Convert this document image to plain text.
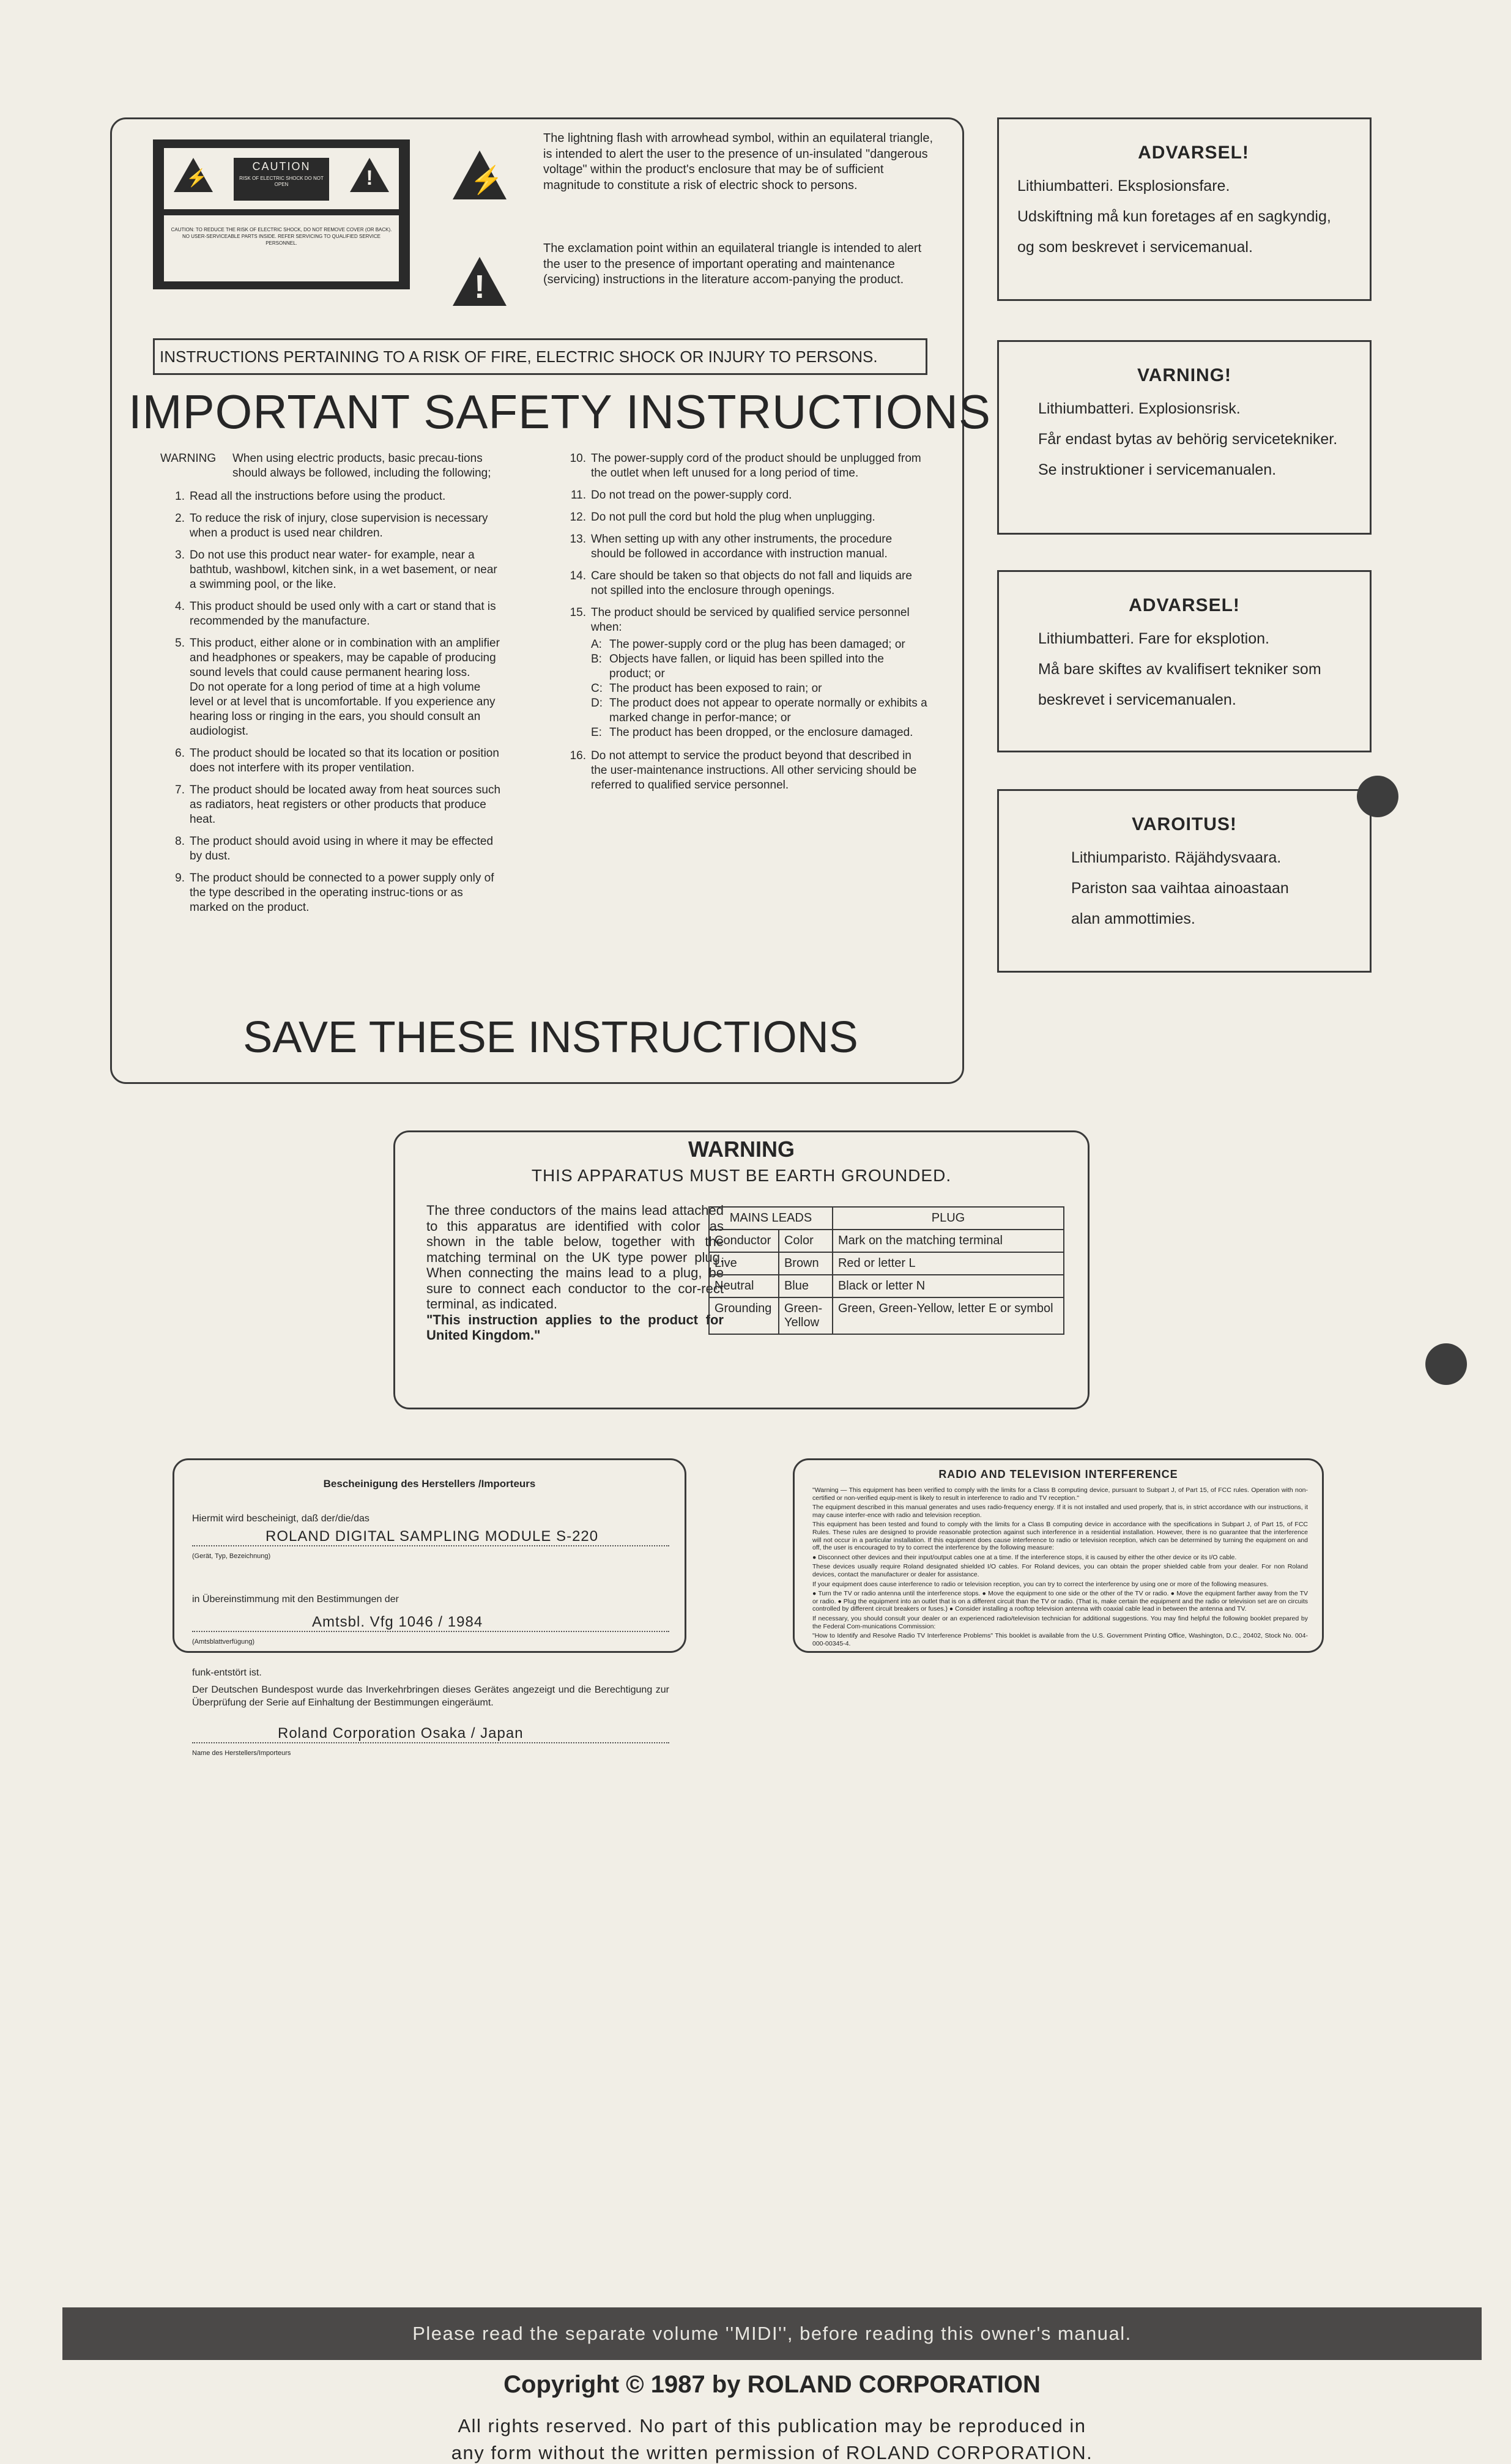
⚡
CAUTION
RISK OF ELECTRIC SHOCK DO NOT OPEN	!
CAUTION: TO REDUCE THE RISK OF ELECTRIC SHOCK, DO NOT REMOVE COVER (OR BACK). NO USER-SERVICEABLE PARTS INSIDE. REFER SERVICING TO QUALIFIED SERVICE PERSONNEL.
⚡
!
The lightning flash with arrowhead symbol, within an equilateral triangle, is intended to alert the user to the presence of un-insulated "dangerous voltage" within the product's enclosure that may be of sufficient magnitude to constitute a risk of electric shock to persons.
The exclamation point within an equilateral triangle is intended to alert the user to the presence of important operating and maintenance (servicing) instructions in the literature accom-panying the product.
INSTRUCTIONS PERTAINING TO A RISK OF FIRE, ELECTRIC SHOCK OR INJURY TO PERSONS.
IMPORTANT SAFETY INSTRUCTIONS
WARNING When using electric products, basic precau-tions should always be followed, including the following;
1. Read all the instructions before using the product.
2. To reduce the risk of injury, close supervision is necessary when a product is used near children.
3. Do not use this product near water- for example, near a bathtub, washbowl, kitchen sink, in a wet basement, or near a swimming pool, or the like.
4. This product should be used only with a cart or stand that is recommended by the manufacture.
5. This product, either alone or in combination with an amplifier and headphones or speakers, may be capable of producing sound levels that could cause permanent hearing loss.
Do not operate for a long period of time at a high volume level or at level that is uncomfortable. If you experience any hearing loss or ringing in the ears, you should consult an audiologist.
6. The product should be located so that its location or position does not interfere with its proper ventilation.
7. The product should be located away from heat sources such as radiators, heat registers or other products that produce heat.
8. The product should avoid using in where it may be effected by dust.
9. The product should be connected to a power supply only of the type described in the operating instruc-tions or as marked on the product.
10. The power-supply cord of the product should be unplugged from the outlet when left unused for a long period of time.
11. Do not tread on the power-supply cord.
12. Do not pull the cord but hold the plug when unplugging.
13. When setting up with any other instruments, the procedure should be followed in accordance with instruction manual.
14. Care should be taken so that objects do not fall and liquids are not spilled into the enclosure through openings.
15. The product should be serviced by qualified service personnel when:
A: The power-supply cord or the plug has been damaged; or
B: Objects have fallen, or liquid has been spilled into the product; or
C: The product has been exposed to rain; or
D: The product does not appear to operate normally or exhibits a marked change in perfor-mance; or
E: The product has been dropped, or the enclosure damaged.
16. Do not attempt to service the product beyond that described in the user-maintenance instructions. All other servicing should be referred to qualified service personnel.
SAVE THESE INSTRUCTIONS
ADVARSEL!
Lithiumbatteri. Eksplosionsfare.
Udskiftning må kun foretages af en sagkyndig,
og som beskrevet i servicemanual.
VARNING!
Lithiumbatteri. Explosionsrisk.
Får endast bytas av behörig servicetekniker.
Se instruktioner i servicemanualen.
ADVARSEL!
Lithiumbatteri. Fare for eksplotion.
Må bare skiftes av kvalifisert tekniker som
beskrevet i servicemanualen.
VAROITUS!
Lithiumparisto. Räjähdysvaara.
Pariston saa vaihtaa ainoastaan
alan ammottimies.
WARNING
THIS APPARATUS MUST BE EARTH GROUNDED.
The three conductors of the mains lead attached to this apparatus are identified with color as shown in the table below, together with the matching terminal on the UK type power plug. When connecting the mains lead to a plug, be sure to connect each conductor to the cor-rect terminal, as indicated.
"This instruction applies to the product for United Kingdom."
MAINS LEADS		PLUG
Conductor	Color	Mark on the matching terminal
Live	Brown	Red or letter L
Neutral	Blue	Black or letter N
Grounding	Green-Yellow	Green, Green-Yellow, letter E or symbol
Bescheinigung des Herstellers /Importeurs
Hiermit wird bescheinigt, daß der/die/das
ROLAND DIGITAL SAMPLING MODULE S-220
(Gerät, Typ, Bezeichnung)
in Übereinstimmung mit den Bestimmungen der
Amtsbl. Vfg 1046 / 1984
(Amtsblattverfügung)
funk-entstört ist.
Der Deutschen Bundespost wurde das Inverkehrbringen dieses Gerätes angezeigt und die Berechtigung zur Überprüfung der Serie auf Einhaltung der Bestimmungen eingeräumt.
Roland Corporation Osaka / Japan
Name des Herstellers/Importeurs
RADIO AND TELEVISION INTERFERENCE

"Warning — This equipment has been verified to comply with the limits for a Class B computing device, pursuant to Subpart J, of Part 15, of FCC rules. Operation with non-certified or non-verified equip-ment is likely to result in interference to radio and TV reception."

The equipment described in this manual generates and uses radio-frequency energy. If it is not installed and used properly, that is, in strict accordance with our instructions, it may cause interfer-ence with radio and television reception.

This equipment has been tested and found to comply with the limits for a Class B computing device in accordance with the specifications in Subpart J, of Part 15, of FCC Rules. These rules are designed to provide reasonable protection against such interference in a residential installation. However, there is no guarantee that the interference will not occur in a particular installation. If this equipment does cause interference to radio or television reception, which can be determined by turning the equipment on and off, the user is encouraged to try to correct the interference by the following measure:

● Disconnect other devices and their input/output cables one at a time. If the interference stops, it is caused by either the other device or its I/O cable.

These devices usually require Roland designated shielded I/O cables. For Roland devices, you can obtain the proper shielded cable from your dealer. For non Roland devices, contact the manufacturer or dealer for assistance.

If your equipment does cause interference to radio or television reception, you can try to correct the interference by using one or more of the following measures.

● Turn the TV or radio antenna until the interference stops. ● Move the equipment to one side or the other of the TV or radio. ● Move the equipment farther away from the TV or radio. ● Plug the equipment into an outlet that is on a different circuit than the TV or radio. (That is, make certain the equipment and the radio or television set are on circuits controlled by different circuit breakers or fuses.) ● Consider installing a rooftop television antenna with coaxial cable lead in between the antenna and TV.

If necessary, you should consult your dealer or an experienced radio/television technician for additional suggestions. You may find helpful the following booklet prepared by the Federal Com-munications Commission:

"How to Identify and Resolve Radio TV Interference Problems" This booklet is available from the U.S. Government Printing Office, Washington, D.C., 20402, Stock No. 004-000-00345-4.

Please read the separate volume ''MIDI'', before reading this owner's manual.
Copyright © 1987 by ROLAND CORPORATION
All rights reserved. No part of this publication may be reproduced in
any form without the written permission of ROLAND CORPORATION.
